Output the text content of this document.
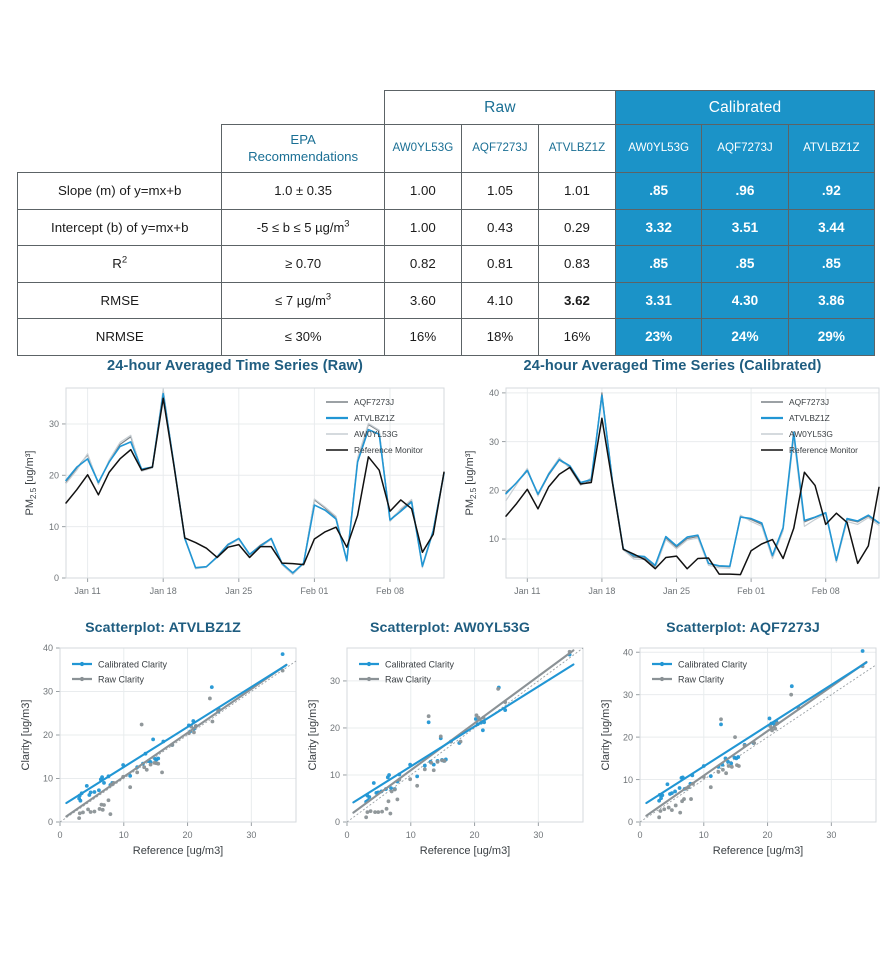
		Raw			Calibrated		
	EPA
Recommendations	AW0YL53G	AQF7273J	ATVLBZ1Z	AW0YL53G	AQF7273J	ATVLBZ1Z
Slope (m) of y=mx+b	1.0 ± 0.35	1.00	1.05	1.01	.85	.96	.92
Intercept (b) of y=mx+b	-5 ≤ b ≤ 5 $\mu g/m^3$	1.00	0.43	0.29	3.32	3.51	3.44
$R^2$	≥ 0.70	0.82	0.81	0.83	.85	.85	.85
RMSE	≤ 7 $\mu g/m^3$	3.60	4.10	3.62	3.31	4.30	3.86
NRMSE	≤ 30%	16%	18%	16%	23%	24%	29%
24-hour Averaged Time Series (Raw)
0
10
20
30
Jan 11	Jan 18	Jan 25	Feb 01	Feb 08
$PM_{2.5}$ [ug/m³]
AQF7273J
ATVLBZ1Z
AW0YL53G
Reference Monitor
24-hour Averaged Time Series (Calibrated)
10
20
30
40
Jan 11	Jan 18	Jan 25	Feb 01	Feb 08
$PM_{2.5}$ [ug/m³]
AQF7273J
ATVLBZ1Z
AW0YL53G
Reference Monitor
Scatterplot: ATVLBZ1Z
0
10
20
30
40
0	10	20	30
Reference [ug/m3]
Clarity [ug/m3]
Calibrated Clarity
Raw Clarity
Scatterplot: AW0YL53G
0
10
20
30
0	10	20	30
Reference [ug/m3]
Clarity [ug/m3]
Calibrated Clarity
Raw Clarity
Scatterplot: AQF7273J
0
10
20
30
40
0	10	20	30
Reference [ug/m3]
Clarity [ug/m3]
Calibrated Clarity
Raw Clarity
